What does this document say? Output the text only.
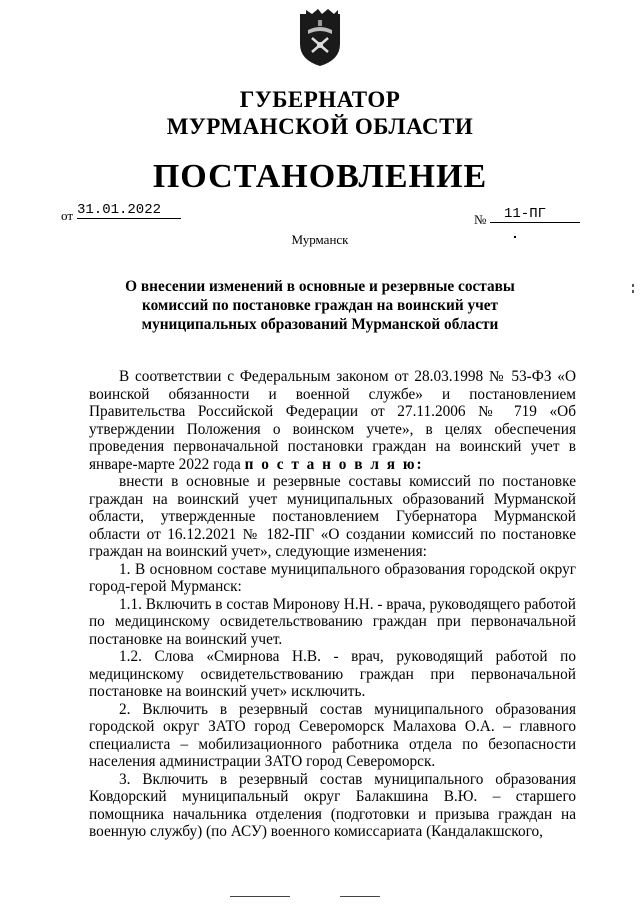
ГУБЕРНАТОР
МУРМАНСКОЙ ОБЛАСТИ
ПОСТАНОВЛЕНИЕ
от 31.01.2022
№	11-ПГ
Мурманск
О внесении изменений в основные и резервные составы комиссий по постановке граждан на воинский учет муниципальных образований Мурманской области

В соответствии с Федеральным законом от 28.03.1998 № 53-ФЗ «О воинской обязанности и военной службе» и постановлением Правительства Российской Федерации от 27.11.2006 № 719 «Об утверждении Положения о воинском учете», в целях обеспечения проведения первоначальной постановки граждан на воинский учет в январе-марте 2022 года п о с т а н о в л я ю:

внести в основные и резервные составы комиссий по постановке граждан на воинский учет муниципальных образований Мурманской области, утвержденные постановлением Губернатора Мурманской области от 16.12.2021 № 182-ПГ «О создании комиссий по постановке граждан на воинский учет», следующие изменения:

1. В основном составе муниципального образования городской округ город-герой Мурманск:

1.1. Включить в состав Миронову Н.Н. - врача, руководящего работой по медицинскому освидетельствованию граждан при первоначальной постановке на воинский учет.

1.2. Слова «Смирнова Н.В. - врач, руководящий работой по медицинскому освидетельствованию граждан при первоначальной постановке на воинский учет» исключить.

2. Включить в резервный состав муниципального образования городской округ ЗАТО город Североморск Малахова О.А. – главного специалиста – мобилизационного работника отдела по безопасности населения администрации ЗАТО город Североморск.

3. Включить в резервный состав муниципального образования Ковдорский муниципальный округ Балакшина В.Ю. – старшего помощника начальника отделения (подготовки и призыва граждан на военную службу) (по АСУ) военного комиссариата (Кандалакшского,
